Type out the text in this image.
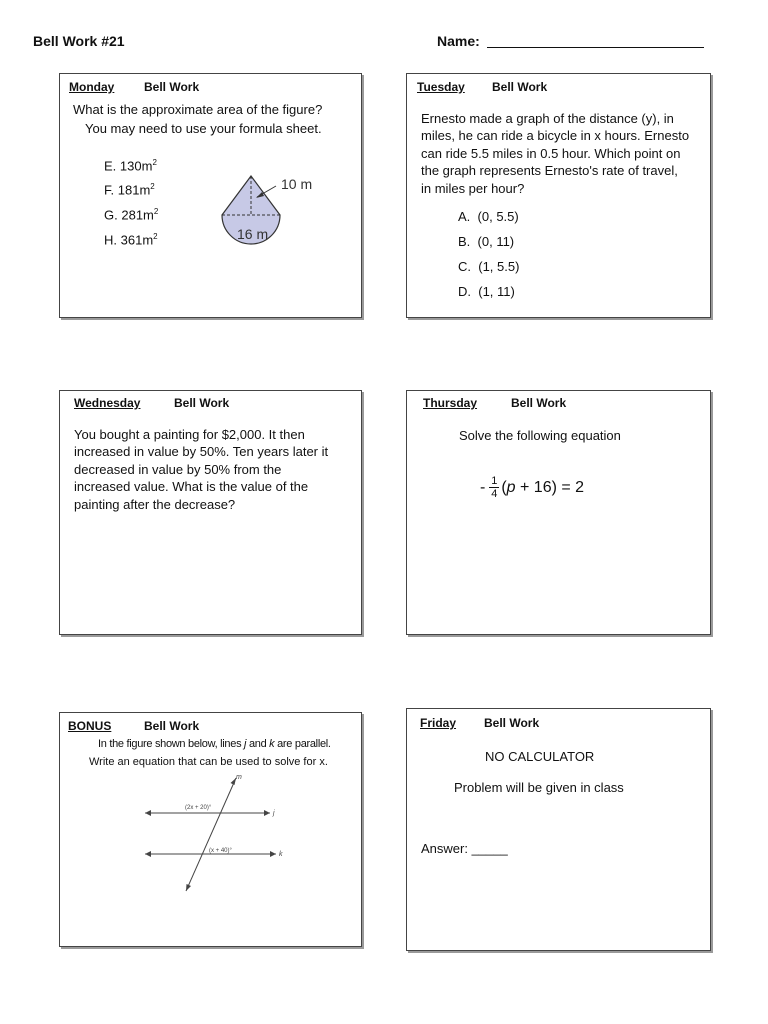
Bell Work #21	Name:
Monday Bell Work
What is the approximate area of the figure?
You may need to use your formula sheet.
E. $130m^2$
F. $181m^2$
G. $281m^2$
H. $361m^2$
10 m
16 m
Tuesday Bell Work
Ernesto made a graph of the distance (y), in
miles, he can ride a bicycle in x hours. Ernesto
can ride 5.5 miles in 0.5 hour. Which point on
the graph represents Ernesto's rate of travel,
in miles per hour?
A. (0, 5.5)
B. (0, 11)
C. (1, 5.5)
D. (1, 11)
Wednesday	Bell Work
You bought a painting for $2,000. It then
increased in value by 50%. Ten years later it
decreased in value by 50% from the
increased value. What is the value of the
painting after the decrease?
Thursday	Bell Work
Solve the following equation
- 1
4 ( p + 16) = 2
BONUS	Bell Work
In the figure shown below, lines j and k are parallel.
Write an equation that can be used to solve for x.
m
j
k
(2x + 20)°
(x + 40)°
Friday Bell Work
NO CALCULATOR
Problem will be given in class
Answer: _____
